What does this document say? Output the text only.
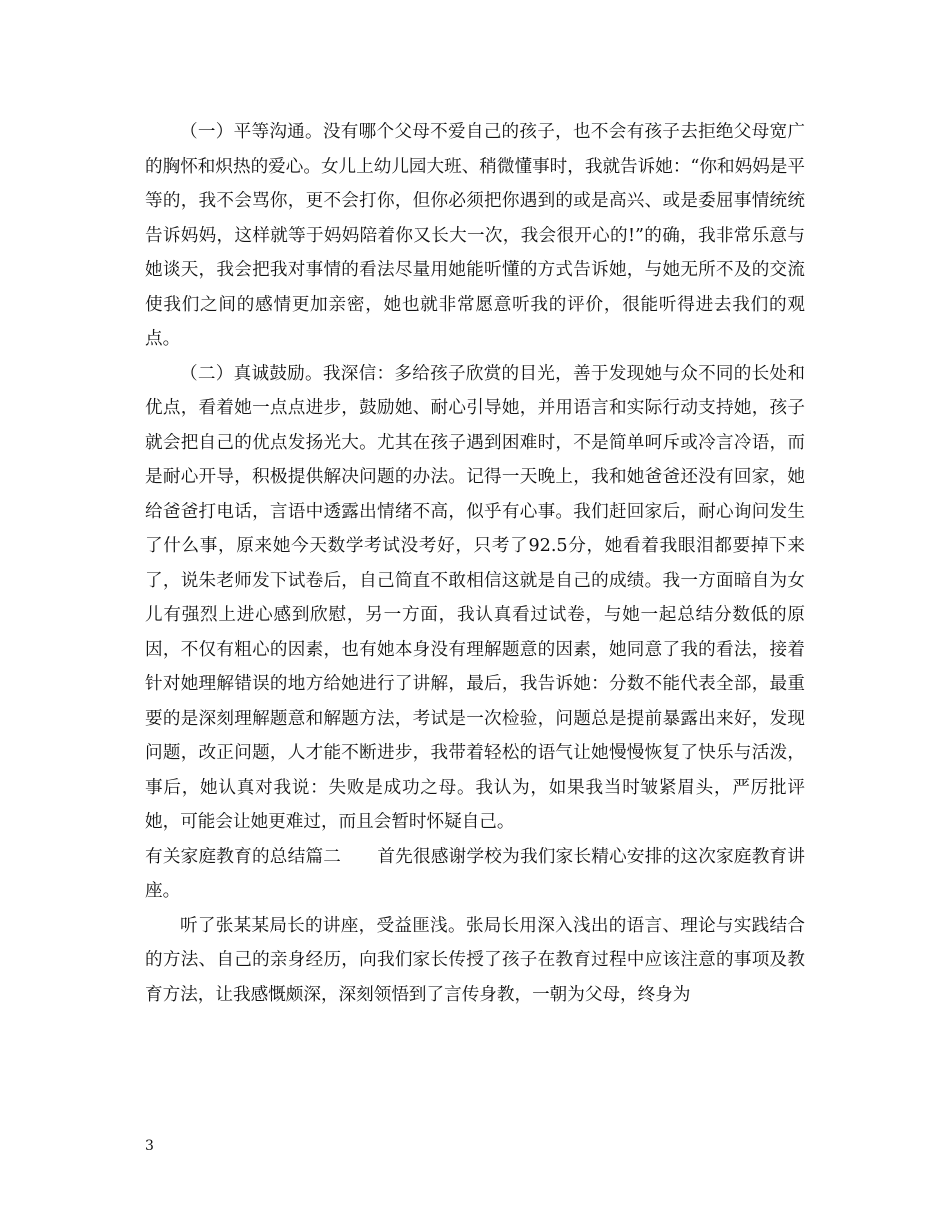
（一）平等沟通。没有哪个父母不爱自己的孩子，也不会有孩子去拒绝父母宽广的胸怀和炽热的爱心。女儿上幼儿园大班、稍微懂事时，我就告诉她：“你和妈妈是平等的，我不会骂你，更不会打你，但你必须把你遇到的或是高兴、或是委屈事情统统告诉妈妈，这样就等于妈妈陪着你又长大一次，我会很开心的!”的确，我非常乐意与她谈天，我会把我对事情的看法尽量用她能听懂的方式告诉她，与她无所不及的交流使我们之间的感情更加亲密，她也就非常愿意听我的评价，很能听得进去我们的观点。

（二）真诚鼓励。我深信：多给孩子欣赏的目光，善于发现她与众不同的长处和优点，看着她一点点进步，鼓励她、耐心引导她，并用语言和实际行动支持她，孩子就会把自己的优点发扬光大。尤其在孩子遇到困难时，不是简单呵斥或冷言冷语，而是耐心开导，积极提供解决问题的办法。记得一天晚上，我和她爸爸还没有回家，她给爸爸打电话，言语中透露出情绪不高，似乎有心事。我们赶回家后，耐心询问发生了什么事，原来她今天数学考试没考好，只考了92.5分，她看着我眼泪都要掉下来了，说朱老师发下试卷后，自己简直不敢相信这就是自己的成绩。我一方面暗自为女儿有强烈上进心感到欣慰，另一方面，我认真看过试卷，与她一起总结分数低的原因，不仅有粗心的因素，也有她本身没有理解题意的因素，她同意了我的看法，接着针对她理解错误的地方给她进行了讲解，最后，我告诉她：分数不能代表全部，最重要的是深刻理解题意和解题方法，考试是一次检验，问题总是提前暴露出来好，发现问题，改正问题，人才能不断进步，我带着轻松的语气让她慢慢恢复了快乐与活泼，事后，她认真对我说：失败是成功之母。我认为，如果我当时皱紧眉头，严厉批评她，可能会让她更难过，而且会暂时怀疑自己。

有关家庭教育的总结篇二 首先很感谢学校为我们家长精心安排的这次家庭教育讲座。

听了张某某局长的讲座，受益匪浅。张局长用深入浅出的语言、理论与实践结合的方法、自己的亲身经历，向我们家长传授了孩子在教育过程中应该注意的事项及教育方法，让我感慨颇深，深刻领悟到了言传身教，一朝为父母，终身为

3
